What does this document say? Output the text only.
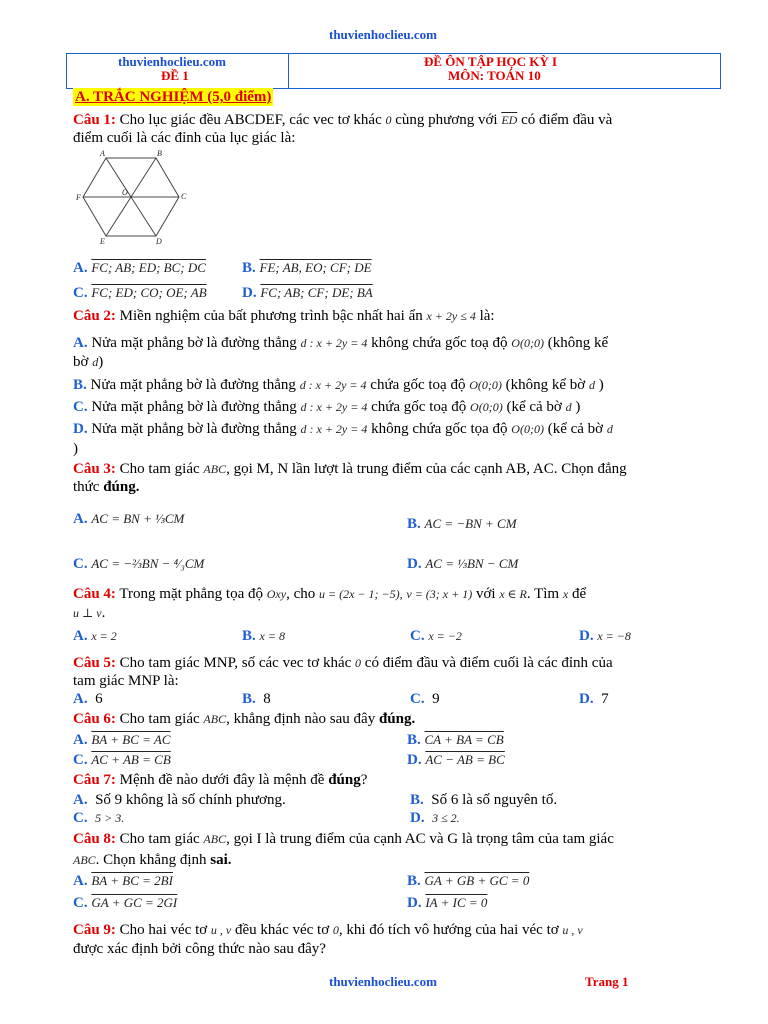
thuvienhoclieu.com
thuvienhoclieu.com
ĐỀ 1
ĐỀ ÔN TẬP HỌC KỲ I
MÔN: TOÁN 10
A. TRẮC NGHIỆM (5,0 điểm)
Câu 1: Cho lục giác đều ABCDEF, các vec tơ khác 0 cùng phương với $\overline{ED}$ có điểm đầu và
điểm cuối là các đỉnh của lục giác là:
A	B
C
D
E
F
O
A. FC; AB; ED; BC; DC B. FE; AB, EO; CF; DE
C. FC; ED; CO; OE; AB D. FC; AB; CF; DE; BA
Câu 2: Miền nghiệm của bất phương trình bậc nhất hai ẩn x + 2y ≤ 4 là:
A. Nửa mặt phẳng bờ là đường thẳng d : x + 2y = 4 không chứa gốc toạ độ O(0;0) (không kể
bờ d)
B. Nửa mặt phẳng bờ là đường thẳng d : x + 2y = 4 chứa gốc toạ độ O(0;0) (không kể bờ d )
C. Nửa mặt phẳng bờ là đường thẳng d : x + 2y = 4 chứa gốc toạ độ O(0;0) (kể cả bờ d )
D. Nửa mặt phẳng bờ là đường thẳng d : x + 2y = 4 không chứa gốc tọa độ O(0;0) (kể cả bờ d
)
Câu 3: Cho tam giác ABC, gọi M, N lần lượt là trung điểm của các cạnh AB, AC. Chọn đẳng
thức đúng.
A. AC = BN + ⅓CM	B. AC = −BN + CM
C. AC = −⅔BN − ⁴⁄₃CM	D. AC = ⅓BN − CM
Câu 4: Trong mặt phẳng tọa độ Oxy, cho u = (2x − 1; −5), v = (3; x + 1) với x ∈ R. Tìm x để
u ⊥ v.
A. x = 2	B. x = 8	C. x = −2	D. x = −8
Câu 5: Cho tam giác MNP, số các vec tơ khác 0 có điểm đầu và điểm cuối là các đỉnh của
tam giác MNP là:
A. 6	B. 8	C. 9	D. 7
Câu 6: Cho tam giác ABC, khẳng định nào sau đây đúng.
A. BA + BC = AC	B. CA + BA = CB
C. AC + AB = CB	D. AC − AB = BC
Câu 7: Mệnh đề nào dưới đây là mệnh đề đúng?
A. Số 9 không là số chính phương.	B. Số 6 là số nguyên tố.
C. 5 > 3.	D. 3 ≤ 2.
Câu 8: Cho tam giác ABC, gọi I là trung điểm của cạnh AC và G là trọng tâm của tam giác
ABC. Chọn khẳng định sai.
A. BA + BC = 2BI	B. GA + GB + GC = 0
C. GA + GC = 2GI	D. IA + IC = 0
Câu 9: Cho hai véc tơ u , v đều khác véc tơ 0, khi đó tích vô hướng của hai véc tơ u , v
được xác định bởi công thức nào sau đây?
thuvienhoclieu.com	Trang 1
